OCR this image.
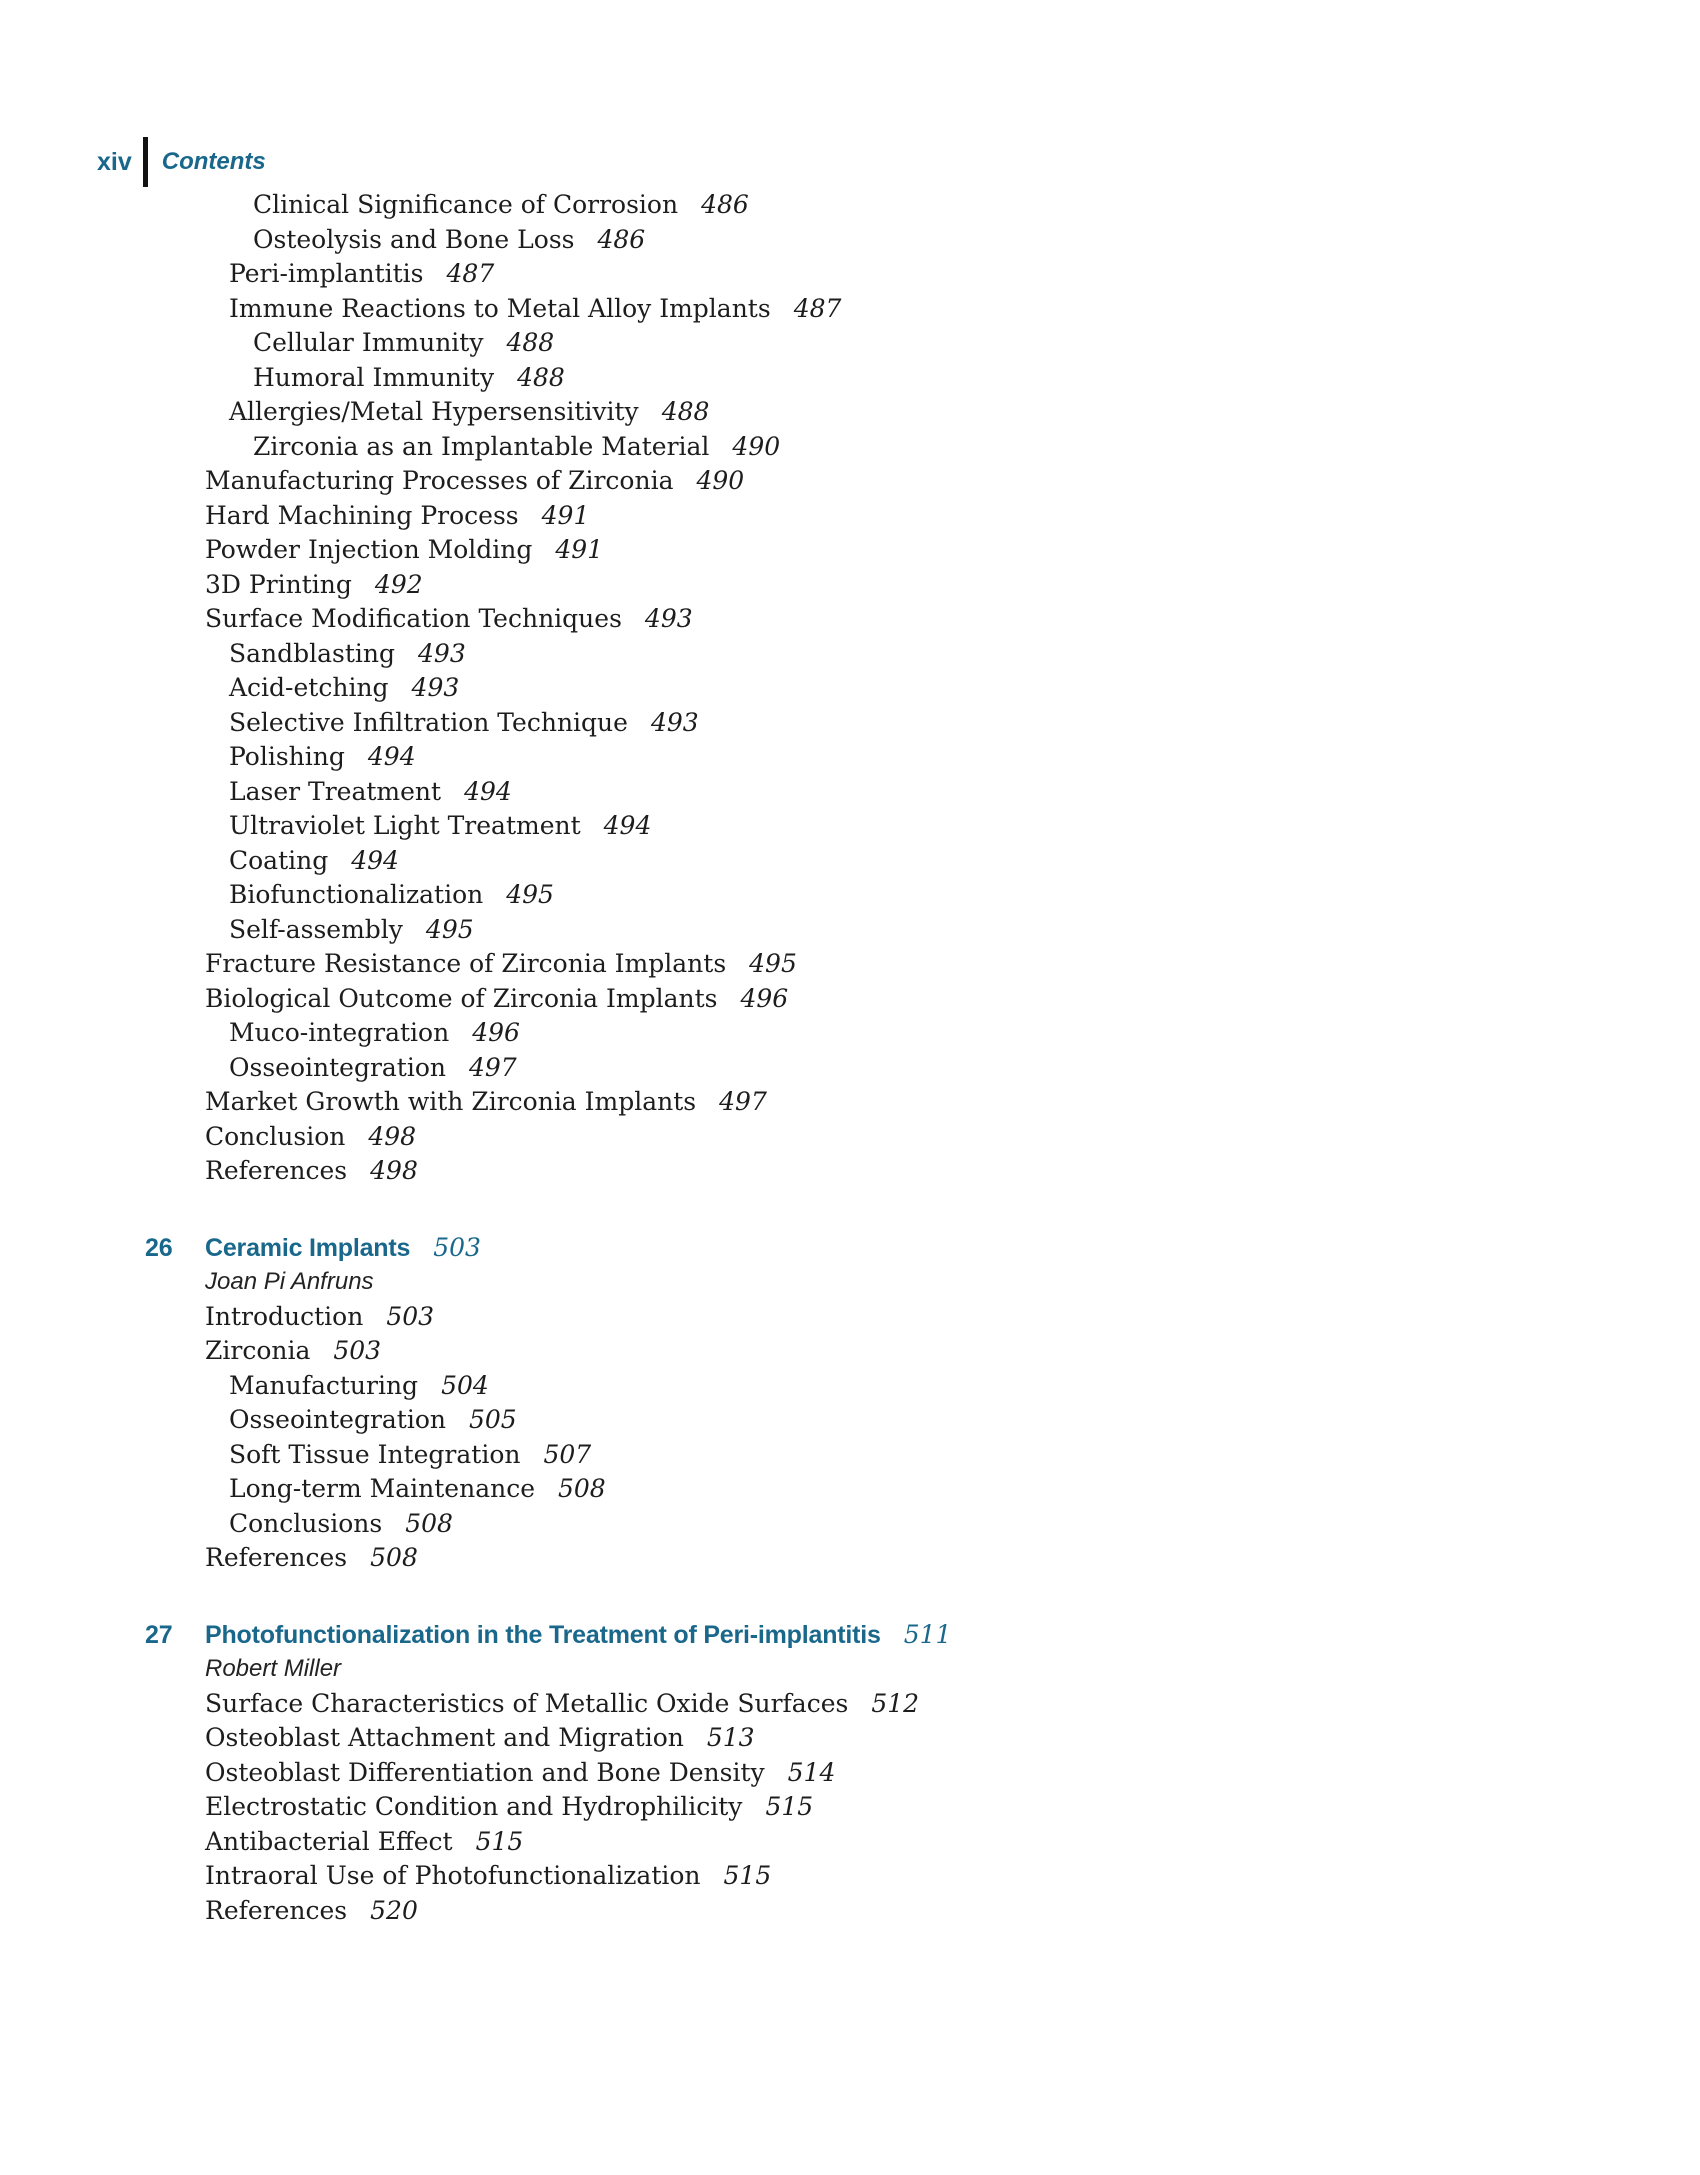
xiv Contents
Clinical Significance of Corrosion 486
Osteolysis and Bone Loss 486
Peri-implantitis 487
Immune Reactions to Metal Alloy Implants 487
Cellular Immunity 488
Humoral Immunity 488
Allergies/Metal Hypersensitivity 488
Zirconia as an Implantable Material 490
Manufacturing Processes of Zirconia 490
Hard Machining Process 491
Powder Injection Molding 491
3D Printing 492
Surface Modification Techniques 493
Sandblasting 493
Acid-etching 493
Selective Infiltration Technique 493
Polishing 494
Laser Treatment 494
Ultraviolet Light Treatment 494
Coating 494
Biofunctionalization 495
Self-assembly 495
Fracture Resistance of Zirconia Implants 495
Biological Outcome of Zirconia Implants 496
Muco-integration 496
Osseointegration 497
Market Growth with Zirconia Implants 497
Conclusion 498
References 498
26 Ceramic Implants 503
Joan Pi Anfruns
Introduction 503
Zirconia 503
Manufacturing 504
Osseointegration 505
Soft Tissue Integration 507
Long-term Maintenance 508
Conclusions 508
References 508
27 Photofunctionalization in the Treatment of Peri-implantitis 511
Robert Miller
Surface Characteristics of Metallic Oxide Surfaces 512
Osteoblast Attachment and Migration 513
Osteoblast Differentiation and Bone Density 514
Electrostatic Condition and Hydrophilicity 515
Antibacterial Effect 515
Intraoral Use of Photofunctionalization 515
References 520
